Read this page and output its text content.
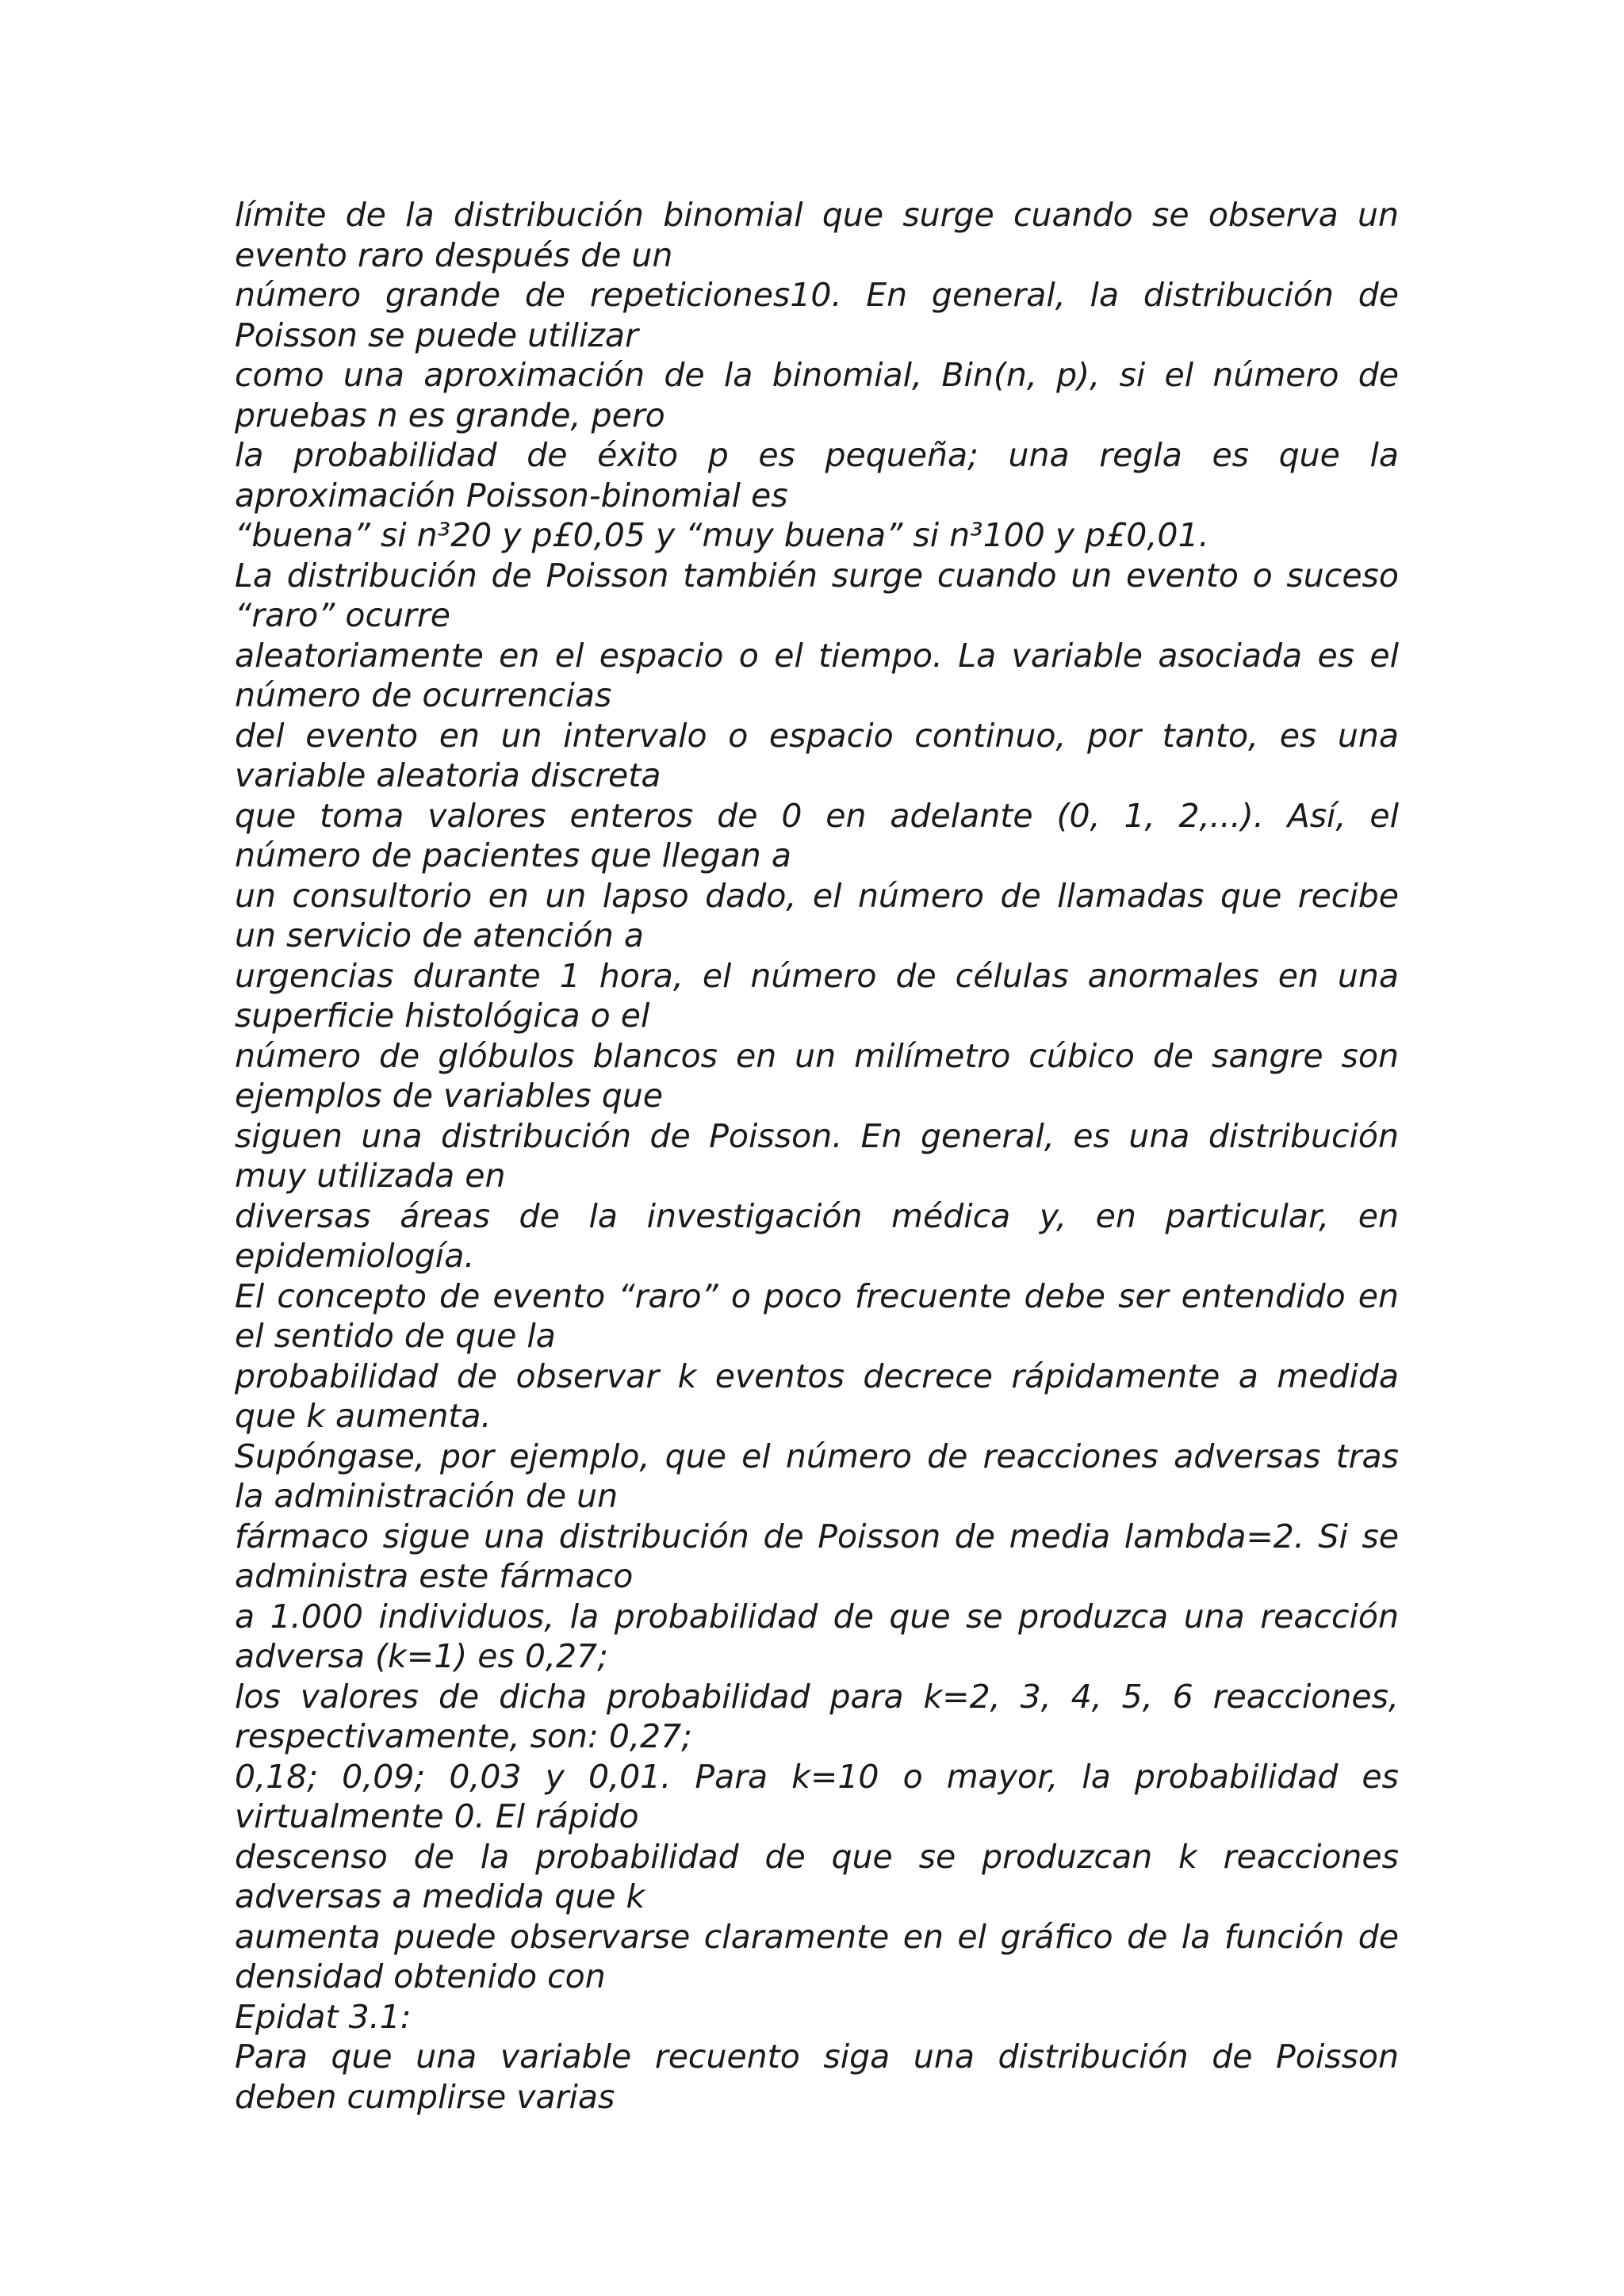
límite de la distribución binomial que surge cuando se observa un

evento raro después de un

número grande de repeticiones10. En general, la distribución de

Poisson se puede utilizar

como una aproximación de la binomial, Bin(n, p), si el número de

pruebas n es grande, pero

la probabilidad de éxito p es pequeña; una regla es que la

aproximación Poisson-binomial es

“buena” si n³20 y p£0,05 y “muy buena” si n³100 y p£0,01.

La distribución de Poisson también surge cuando un evento o suceso

“raro” ocurre

aleatoriamente en el espacio o el tiempo. La variable asociada es el

número de ocurrencias

del evento en un intervalo o espacio continuo, por tanto, es una

variable aleatoria discreta

que toma valores enteros de 0 en adelante (0, 1, 2,...). Así, el

número de pacientes que llegan a

un consultorio en un lapso dado, el número de llamadas que recibe

un servicio de atención a

urgencias durante 1 hora, el número de células anormales en una

superficie histológica o el

número de glóbulos blancos en un milímetro cúbico de sangre son

ejemplos de variables que

siguen una distribución de Poisson. En general, es una distribución

muy utilizada en

diversas áreas de la investigación médica y, en particular, en

epidemiología.

El concepto de evento “raro” o poco frecuente debe ser entendido en

el sentido de que la

probabilidad de observar k eventos decrece rápidamente a medida

que k aumenta.

Supóngase, por ejemplo, que el número de reacciones adversas tras

la administración de un

fármaco sigue una distribución de Poisson de media lambda=2. Si se

administra este fármaco

a 1.000 individuos, la probabilidad de que se produzca una reacción

adversa (k=1) es 0,27;

los valores de dicha probabilidad para k=2, 3, 4, 5, 6 reacciones,

respectivamente, son: 0,27;

0,18; 0,09; 0,03 y 0,01. Para k=10 o mayor, la probabilidad es

virtualmente 0. El rápido

descenso de la probabilidad de que se produzcan k reacciones

adversas a medida que k

aumenta puede observarse claramente en el gráfico de la función de

densidad obtenido con

Epidat 3.1:

Para que una variable recuento siga una distribución de Poisson

deben cumplirse varias
